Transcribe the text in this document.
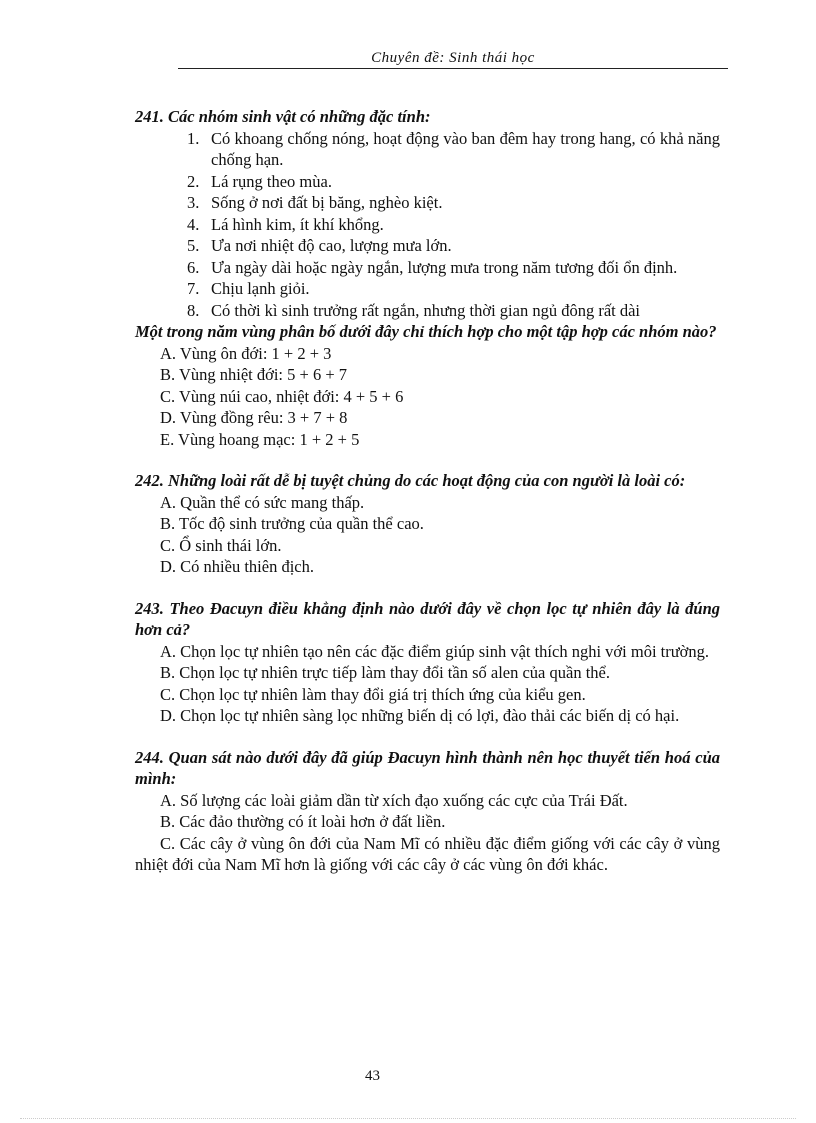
Chuyên đề: Sinh thái học
241. Các nhóm sinh vật có những đặc tính:
1. Có khoang chống nóng, hoạt động vào ban đêm hay trong hang, có khả năng chống hạn.
2. Lá rụng theo mùa.
3. Sống ở nơi đất bị băng, nghèo kiệt.
4. Lá hình kim, ít khí khổng.
5. Ưa nơi nhiệt độ cao, lượng mưa lớn.
6. Ưa ngày dài hoặc ngày ngắn, lượng mưa trong năm tương đối ổn định.
7. Chịu lạnh giỏi.
8. Có thời kì sinh trưởng rất ngắn, nhưng thời gian ngủ đông rất dài
Một trong năm vùng phân bố dưới đây chỉ thích hợp cho một tập hợp các nhóm nào?
A. Vùng ôn đới: 1 + 2 + 3
B. Vùng nhiệt đới: 5 + 6 + 7
C. Vùng núi cao, nhiệt đới: 4 + 5 + 6
D. Vùng đồng rêu: 3 + 7 + 8
E. Vùng hoang mạc: 1 + 2 + 5
242. Những loài rất dễ bị tuyệt chủng do các hoạt động của con người là loài có:
A. Quần thể có sức mang thấp.
B. Tốc độ sinh trưởng của quần thể cao.
C. Ổ sinh thái lớn.
D. Có nhiều thiên địch.
243. Theo Đacuyn điều khẳng định nào dưới đây về chọn lọc tự nhiên đây là đúng hơn cả?
A. Chọn lọc tự nhiên tạo nên các đặc điểm giúp sinh vật thích nghi với môi trường.
B. Chọn lọc tự nhiên trực tiếp làm thay đổi tần số alen của quần thể.
C. Chọn lọc tự nhiên làm thay đổi giá trị thích ứng của kiểu gen.
D. Chọn lọc tự nhiên sàng lọc những biến dị có lợi, đào thải các biến dị có hại.
244. Quan sát nào dưới đây đã giúp Đacuyn hình thành nên học thuyết tiến hoá của mình:
A. Số lượng các loài giảm dần từ xích đạo xuống các cực của Trái Đất.
B. Các đảo thường có ít loài hơn ở đất liền.
C. Các cây ở vùng ôn đới của Nam Mĩ có nhiều đặc điểm giống với các cây ở vùng nhiệt đới của Nam Mĩ hơn là giống với các cây ở các vùng ôn đới khác.
43
